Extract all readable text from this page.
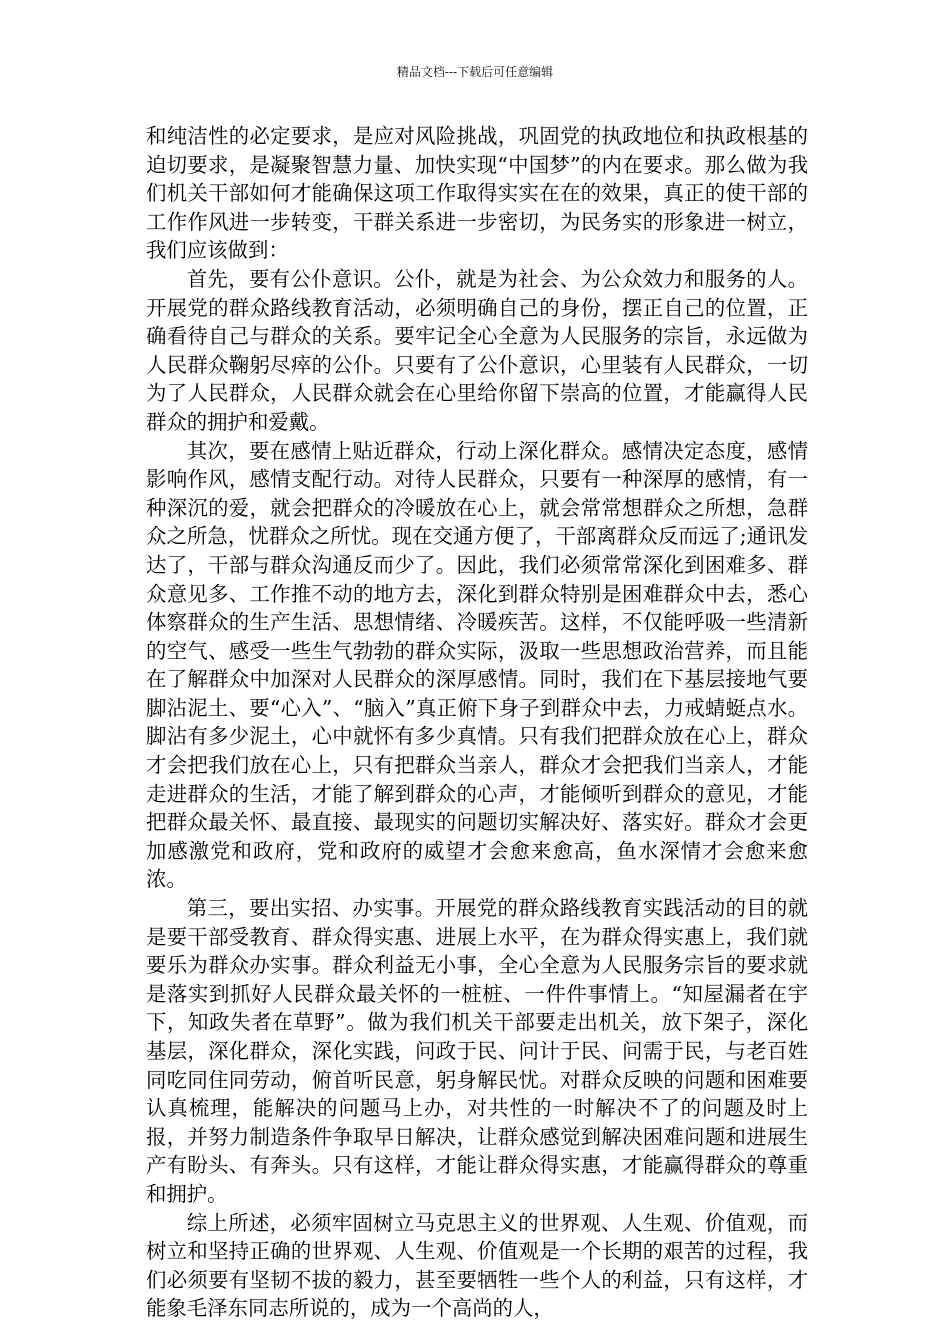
精品文档---下载后可任意编辑

和纯洁性的必定要求，是应对风险挑战，巩固党的执政地位和执政根基的迫切要求，是凝聚智慧力量、加快实现“中国梦”的内在要求。那么做为我们机关干部如何才能确保这项工作取得实实在在的效果，真正的使干部的工作作风进一步转变，干群关系进一步密切，为民务实的形象进一树立，我们应该做到：

首先，要有公仆意识。公仆，就是为社会、为公众效力和服务的人。开展党的群众路线教育活动，必须明确自己的身份，摆正自己的位置，正确看待自己与群众的关系。要牢记全心全意为人民服务的宗旨，永远做为人民群众鞠躬尽瘁的公仆。只要有了公仆意识，心里装有人民群众，一切为了人民群众，人民群众就会在心里给你留下崇高的位置，才能赢得人民群众的拥护和爱戴。

其次，要在感情上贴近群众，行动上深化群众。感情决定态度，感情影响作风，感情支配行动。对待人民群众，只要有一种深厚的感情，有一种深沉的爱，就会把群众的冷暖放在心上，就会常常想群众之所想，急群众之所急，忧群众之所忧。现在交通方便了，干部离群众反而远了;通讯发达了，干部与群众沟通反而少了。因此，我们必须常常深化到困难多、群众意见多、工作推不动的地方去，深化到群众特别是困难群众中去，悉心体察群众的生产生活、思想情绪、冷暖疾苦。这样，不仅能呼吸一些清新的空气、感受一些生气勃勃的群众实际，汲取一些思想政治营养，而且能在了解群众中加深对人民群众的深厚感情。同时，我们在下基层接地气要脚沾泥土、要“心入”、“脑入”真正俯下身子到群众中去，力戒蜻蜓点水。脚沾有多少泥土，心中就怀有多少真情。只有我们把群众放在心上，群众才会把我们放在心上，只有把群众当亲人，群众才会把我们当亲人，才能走进群众的生活，才能了解到群众的心声，才能倾听到群众的意见，才能把群众最关怀、最直接、最现实的问题切实解决好、落实好。群众才会更加感激党和政府，党和政府的威望才会愈来愈高，鱼水深情才会愈来愈浓。

第三，要出实招、办实事。开展党的群众路线教育实践活动的目的就是要干部受教育、群众得实惠、进展上水平，在为群众得实惠上，我们就要乐为群众办实事。群众利益无小事，全心全意为人民服务宗旨的要求就是落实到抓好人民群众最关怀的一桩桩、一件件事情上。“知屋漏者在宇下，知政失者在草野”。做为我们机关干部要走出机关，放下架子，深化基层，深化群众，深化实践，问政于民、问计于民、问需于民，与老百姓同吃同住同劳动，俯首听民意，躬身解民忧。对群众反映的问题和困难要认真梳理，能解决的问题马上办，对共性的一时解决不了的问题及时上报，并努力制造条件争取早日解决，让群众感觉到解决困难问题和进展生产有盼头、有奔头。只有这样，才能让群众得实惠，才能赢得群众的尊重和拥护。

综上所述，必须牢固树立马克思主义的世界观、人生观、价值观，而树立和坚持正确的世界观、人生观、价值观是一个长期的艰苦的过程，我们必须要有坚韧不拔的毅力，甚至要牺牲一些个人的利益，只有这样，才能象毛泽东同志所说的，成为一个高尚的人，
